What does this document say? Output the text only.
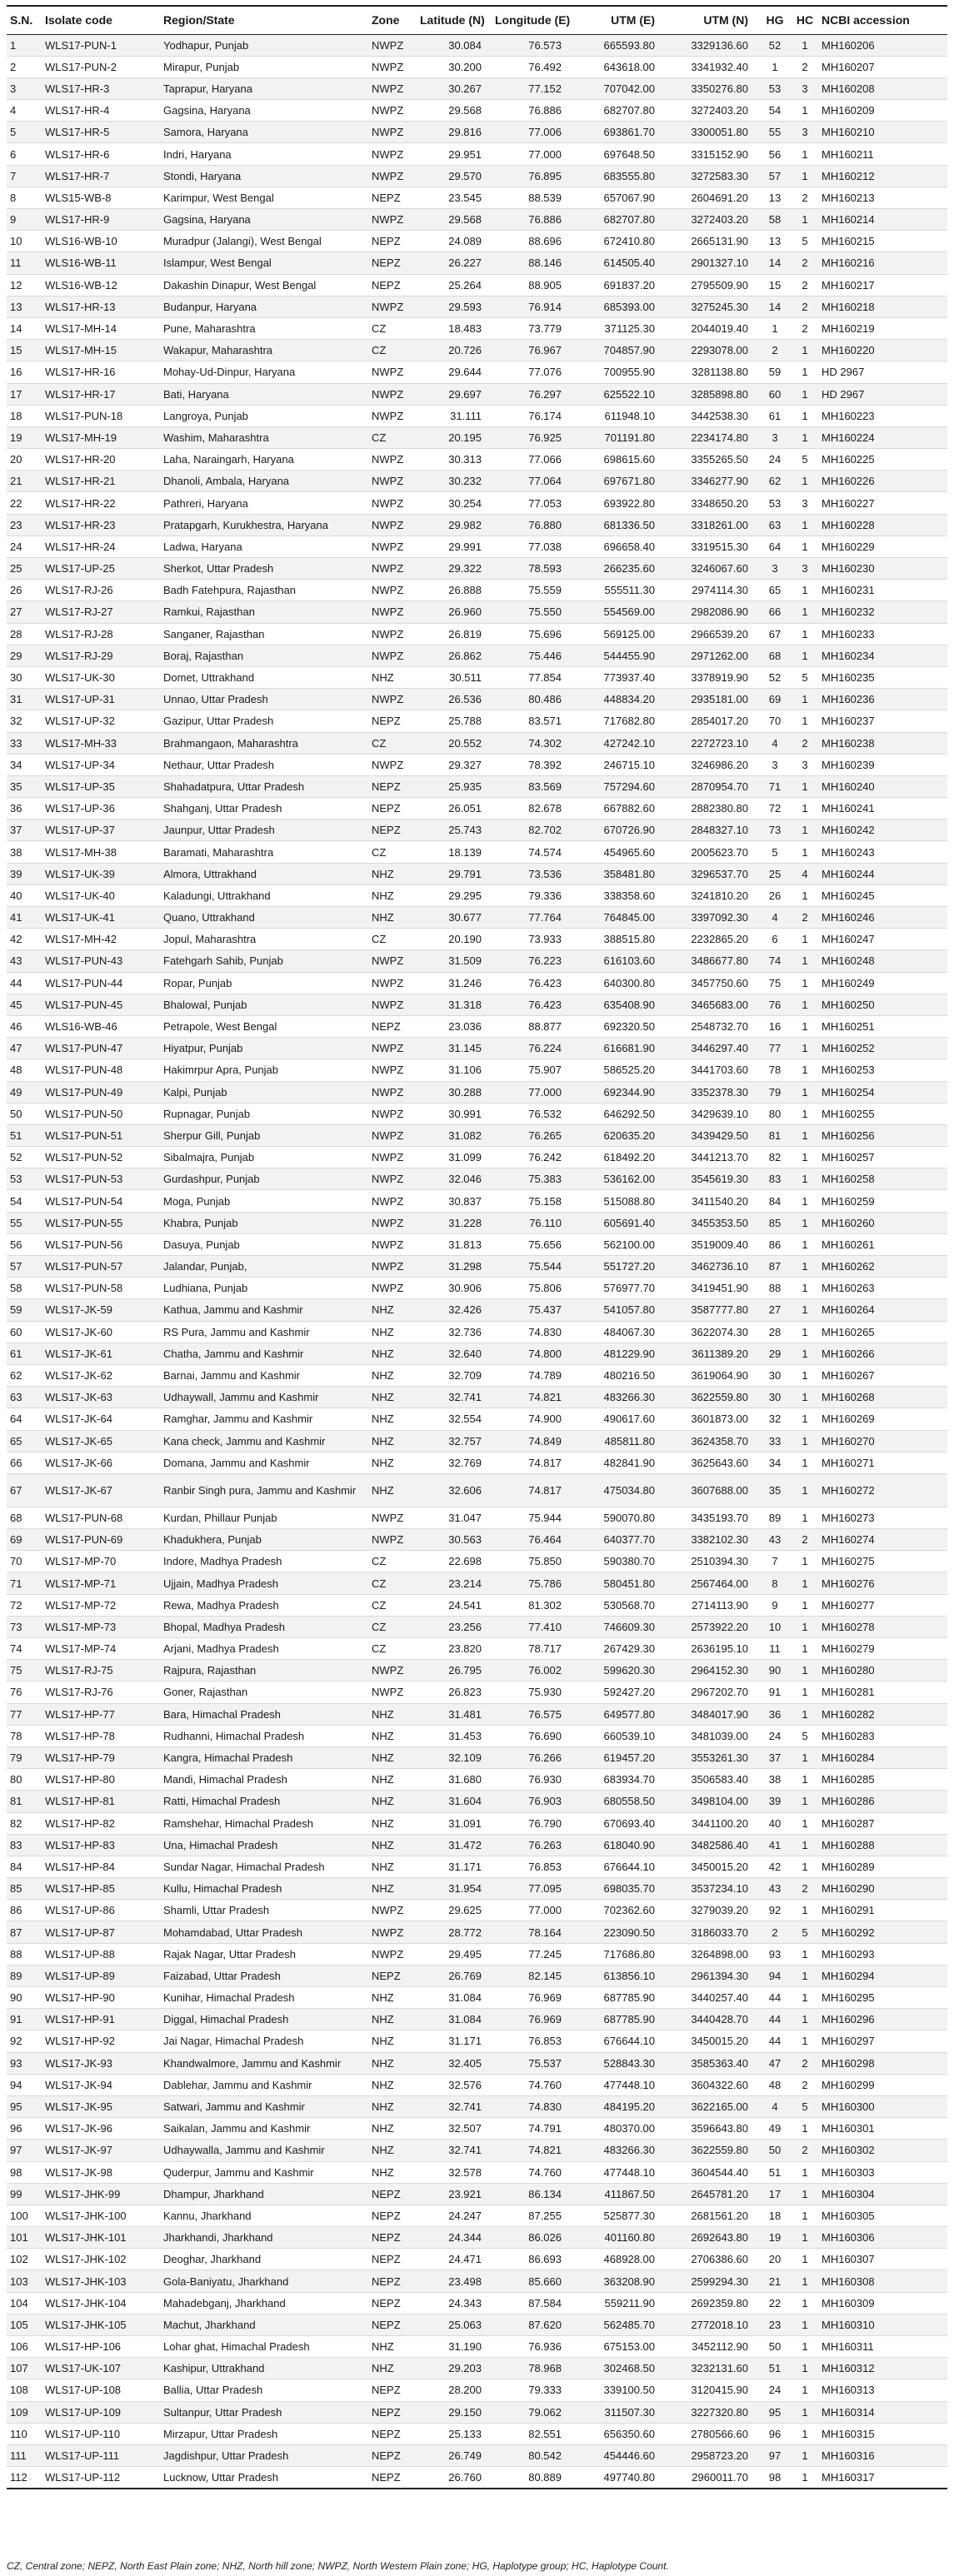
S.N.	Isolate code	Region/State	Zone	Latitude (N)	Longitude (E)	UTM (E)	UTM (N)	HG	HC	NCBI accession
1	WLS17-PUN-1	Yodhapur, Punjab	NWPZ	30.084	76.573	665593.80	3329136.60	52	1	MH160206
2	WLS17-PUN-2	Mirapur, Punjab	NWPZ	30.200	76.492	643618.00	3341932.40	1	2	MH160207
3	WLS17-HR-3	Taprapur, Haryana	NWPZ	30.267	77.152	707042.00	3350276.80	53	3	MH160208
4	WLS17-HR-4	Gagsina, Haryana	NWPZ	29.568	76.886	682707.80	3272403.20	54	1	MH160209
5	WLS17-HR-5	Samora, Haryana	NWPZ	29.816	77.006	693861.70	3300051.80	55	3	MH160210
6	WLS17-HR-6	Indri, Haryana	NWPZ	29.951	77.000	697648.50	3315152.90	56	1	MH160211
7	WLS17-HR-7	Stondi, Haryana	NWPZ	29.570	76.895	683555.80	3272583.30	57	1	MH160212
8	WLS15-WB-8	Karimpur, West Bengal	NEPZ	23.545	88.539	657067.90	2604691.20	13	2	MH160213
9	WLS17-HR-9	Gagsina, Haryana	NWPZ	29.568	76.886	682707.80	3272403.20	58	1	MH160214
10	WLS16-WB-10	Muradpur (Jalangi), West Bengal	NEPZ	24.089	88.696	672410.80	2665131.90	13	5	MH160215
11	WLS16-WB-11	Islampur, West Bengal	NEPZ	26.227	88.146	614505.40	2901327.10	14	2	MH160216
12	WLS16-WB-12	Dakashin Dinapur, West Bengal	NEPZ	25.264	88.905	691837.20	2795509.90	15	2	MH160217
13	WLS17-HR-13	Budanpur, Haryana	NWPZ	29.593	76.914	685393.00	3275245.30	14	2	MH160218
14	WLS17-MH-14	Pune, Maharashtra	CZ	18.483	73.779	371125.30	2044019.40	1	2	MH160219
15	WLS17-MH-15	Wakapur, Maharashtra	CZ	20.726	76.967	704857.90	2293078.00	2	1	MH160220
16	WLS17-HR-16	Mohay-Ud-Dinpur, Haryana	NWPZ	29.644	77.076	700955.90	3281138.80	59	1	HD 2967
17	WLS17-HR-17	Bati, Haryana	NWPZ	29.697	76.297	625522.10	3285898.80	60	1	HD 2967
18	WLS17-PUN-18	Langroya, Punjab	NWPZ	31.111	76.174	611948.10	3442538.30	61	1	MH160223
19	WLS17-MH-19	Washim, Maharashtra	CZ	20.195	76.925	701191.80	2234174.80	3	1	MH160224
20	WLS17-HR-20	Laha, Naraingarh, Haryana	NWPZ	30.313	77.066	698615.60	3355265.50	24	5	MH160225
21	WLS17-HR-21	Dhanoli, Ambala, Haryana	NWPZ	30.232	77.064	697671.80	3346277.90	62	1	MH160226
22	WLS17-HR-22	Pathreri, Haryana	NWPZ	30.254	77.053	693922.80	3348650.20	53	3	MH160227
23	WLS17-HR-23	Pratapgarh, Kurukhestra, Haryana	NWPZ	29.982	76.880	681336.50	3318261.00	63	1	MH160228
24	WLS17-HR-24	Ladwa, Haryana	NWPZ	29.991	77.038	696658.40	3319515.30	64	1	MH160229
25	WLS17-UP-25	Sherkot, Uttar Pradesh	NWPZ	29.322	78.593	266235.60	3246067.60	3	3	MH160230
26	WLS17-RJ-26	Badh Fatehpura, Rajasthan	NWPZ	26.888	75.559	555511.30	2974114.30	65	1	MH160231
27	WLS17-RJ-27	Ramkui, Rajasthan	NWPZ	26.960	75.550	554569.00	2982086.90	66	1	MH160232
28	WLS17-RJ-28	Sanganer, Rajasthan	NWPZ	26.819	75.696	569125.00	2966539.20	67	1	MH160233
29	WLS17-RJ-29	Boraj, Rajasthan	NWPZ	26.862	75.446	544455.90	2971262.00	68	1	MH160234
30	WLS17-UK-30	Domet, Uttrakhand	NHZ	30.511	77.854	773937.40	3378919.90	52	5	MH160235
31	WLS17-UP-31	Unnao, Uttar Pradesh	NWPZ	26.536	80.486	448834.20	2935181.00	69	1	MH160236
32	WLS17-UP-32	Gazipur, Uttar Pradesh	NEPZ	25.788	83.571	717682.80	2854017.20	70	1	MH160237
33	WLS17-MH-33	Brahmangaon, Maharashtra	CZ	20.552	74.302	427242.10	2272723.10	4	2	MH160238
34	WLS17-UP-34	Nethaur, Uttar Pradesh	NWPZ	29.327	78.392	246715.10	3246986.20	3	3	MH160239
35	WLS17-UP-35	Shahadatpura, Uttar Pradesh	NEPZ	25.935	83.569	757294.60	2870954.70	71	1	MH160240
36	WLS17-UP-36	Shahganj, Uttar Pradesh	NEPZ	26.051	82.678	667882.60	2882380.80	72	1	MH160241
37	WLS17-UP-37	Jaunpur, Uttar Pradesh	NEPZ	25.743	82.702	670726.90	2848327.10	73	1	MH160242
38	WLS17-MH-38	Baramati, Maharashtra	CZ	18.139	74.574	454965.60	2005623.70	5	1	MH160243
39	WLS17-UK-39	Almora, Uttrakhand	NHZ	29.791	73.536	358481.80	3296537.70	25	4	MH160244
40	WLS17-UK-40	Kaladungi, Uttrakhand	NHZ	29.295	79.336	338358.60	3241810.20	26	1	MH160245
41	WLS17-UK-41	Quano, Uttrakhand	NHZ	30.677	77.764	764845.00	3397092.30	4	2	MH160246
42	WLS17-MH-42	Jopul, Maharashtra	CZ	20.190	73.933	388515.80	2232865.20	6	1	MH160247
43	WLS17-PUN-43	Fatehgarh Sahib, Punjab	NWPZ	31.509	76.223	616103.60	3486677.80	74	1	MH160248
44	WLS17-PUN-44	Ropar, Punjab	NWPZ	31.246	76.423	640300.80	3457750.60	75	1	MH160249
45	WLS17-PUN-45	Bhalowal, Punjab	NWPZ	31.318	76.423	635408.90	3465683.00	76	1	MH160250
46	WLS16-WB-46	Petrapole, West Bengal	NEPZ	23.036	88.877	692320.50	2548732.70	16	1	MH160251
47	WLS17-PUN-47	Hiyatpur, Punjab	NWPZ	31.145	76.224	616681.90	3446297.40	77	1	MH160252
48	WLS17-PUN-48	Hakimrpur Apra, Punjab	NWPZ	31.106	75.907	586525.20	3441703.60	78	1	MH160253
49	WLS17-PUN-49	Kalpi, Punjab	NWPZ	30.288	77.000	692344.90	3352378.30	79	1	MH160254
50	WLS17-PUN-50	Rupnagar, Punjab	NWPZ	30.991	76.532	646292.50	3429639.10	80	1	MH160255
51	WLS17-PUN-51	Sherpur Gill, Punjab	NWPZ	31.082	76.265	620635.20	3439429.50	81	1	MH160256
52	WLS17-PUN-52	Sibalmajra, Punjab	NWPZ	31.099	76.242	618492.20	3441213.70	82	1	MH160257
53	WLS17-PUN-53	Gurdashpur, Punjab	NWPZ	32.046	75.383	536162.00	3545619.30	83	1	MH160258
54	WLS17-PUN-54	Moga, Punjab	NWPZ	30.837	75.158	515088.80	3411540.20	84	1	MH160259
55	WLS17-PUN-55	Khabra, Punjab	NWPZ	31.228	76.110	605691.40	3455353.50	85	1	MH160260
56	WLS17-PUN-56	Dasuya, Punjab	NWPZ	31.813	75.656	562100.00	3519009.40	86	1	MH160261
57	WLS17-PUN-57	Jalandar, Punjab,	NWPZ	31.298	75.544	551727.20	3462736.10	87	1	MH160262
58	WLS17-PUN-58	Ludhiana, Punjab	NWPZ	30.906	75.806	576977.70	3419451.90	88	1	MH160263
59	WLS17-JK-59	Kathua, Jammu and Kashmir	NHZ	32.426	75.437	541057.80	3587777.80	27	1	MH160264
60	WLS17-JK-60	RS Pura, Jammu and Kashmir	NHZ	32.736	74.830	484067.30	3622074.30	28	1	MH160265
61	WLS17-JK-61	Chatha, Jammu and Kashmir	NHZ	32.640	74.800	481229.90	3611389.20	29	1	MH160266
62	WLS17-JK-62	Barnai, Jammu and Kashmir	NHZ	32.709	74.789	480216.50	3619064.90	30	1	MH160267
63	WLS17-JK-63	Udhaywall, Jammu and Kashmir	NHZ	32.741	74.821	483266.30	3622559.80	30	1	MH160268
64	WLS17-JK-64	Ramghar, Jammu and Kashmir	NHZ	32.554	74.900	490617.60	3601873.00	32	1	MH160269
65	WLS17-JK-65	Kana check, Jammu and Kashmir	NHZ	32.757	74.849	485811.80	3624358.70	33	1	MH160270
66	WLS17-JK-66	Domana, Jammu and Kashmir	NHZ	32.769	74.817	482841.90	3625643.60	34	1	MH160271
67	WLS17-JK-67	Ranbir Singh pura, Jammu and Kashmir	NHZ	32.606	74.817	475034.80	3607688.00	35	1	MH160272
68	WLS17-PUN-68	Kurdan, Phillaur Punjab	NWPZ	31.047	75.944	590070.80	3435193.70	89	1	MH160273
69	WLS17-PUN-69	Khadukhera, Punjab	NWPZ	30.563	76.464	640377.70	3382102.30	43	2	MH160274
70	WLS17-MP-70	Indore, Madhya Pradesh	CZ	22.698	75.850	590380.70	2510394.30	7	1	MH160275
71	WLS17-MP-71	Ujjain, Madhya Pradesh	CZ	23.214	75.786	580451.80	2567464.00	8	1	MH160276
72	WLS17-MP-72	Rewa, Madhya Pradesh	CZ	24.541	81.302	530568.70	2714113.90	9	1	MH160277
73	WLS17-MP-73	Bhopal, Madhya Pradesh	CZ	23.256	77.410	746609.30	2573922.20	10	1	MH160278
74	WLS17-MP-74	Arjani, Madhya Pradesh	CZ	23.820	78.717	267429.30	2636195.10	11	1	MH160279
75	WLS17-RJ-75	Rajpura, Rajasthan	NWPZ	26.795	76.002	599620.30	2964152.30	90	1	MH160280
76	WLS17-RJ-76	Goner, Rajasthan	NWPZ	26.823	75.930	592427.20	2967202.70	91	1	MH160281
77	WLS17-HP-77	Bara, Himachal Pradesh	NHZ	31.481	76.575	649577.80	3484017.90	36	1	MH160282
78	WLS17-HP-78	Rudhanni, Himachal Pradesh	NHZ	31.453	76.690	660539.10	3481039.00	24	5	MH160283
79	WLS17-HP-79	Kangra, Himachal Pradesh	NHZ	32.109	76.266	619457.20	3553261.30	37	1	MH160284
80	WLS17-HP-80	Mandi, Himachal Pradesh	NHZ	31.680	76.930	683934.70	3506583.40	38	1	MH160285
81	WLS17-HP-81	Ratti, Himachal Pradesh	NHZ	31.604	76.903	680558.50	3498104.00	39	1	MH160286
82	WLS17-HP-82	Ramshehar, Himachal Pradesh	NHZ	31.091	76.790	670693.40	3441100.20	40	1	MH160287
83	WLS17-HP-83	Una, Himachal Pradesh	NHZ	31.472	76.263	618040.90	3482586.40	41	1	MH160288
84	WLS17-HP-84	Sundar Nagar, Himachal Pradesh	NHZ	31.171	76.853	676644.10	3450015.20	42	1	MH160289
85	WLS17-HP-85	Kullu, Himachal Pradesh	NHZ	31.954	77.095	698035.70	3537234.10	43	2	MH160290
86	WLS17-UP-86	Shamli, Uttar Pradesh	NWPZ	29.625	77.000	702362.60	3279039.20	92	1	MH160291
87	WLS17-UP-87	Mohamdabad, Uttar Pradesh	NWPZ	28.772	78.164	223090.50	3186033.70	2	5	MH160292
88	WLS17-UP-88	Rajak Nagar, Uttar Pradesh	NWPZ	29.495	77.245	717686.80	3264898.00	93	1	MH160293
89	WLS17-UP-89	Faizabad, Uttar Pradesh	NEPZ	26.769	82.145	613856.10	2961394.30	94	1	MH160294
90	WLS17-HP-90	Kunihar, Himachal Pradesh	NHZ	31.084	76.969	687785.90	3440257.40	44	1	MH160295
91	WLS17-HP-91	Diggal, Himachal Pradesh	NHZ	31.084	76.969	687785.90	3440428.70	44	1	MH160296
92	WLS17-HP-92	Jai Nagar, Himachal Pradesh	NHZ	31.171	76.853	676644.10	3450015.20	44	1	MH160297
93	WLS17-JK-93	Khandwalmore, Jammu and Kashmir	NHZ	32.405	75.537	528843.30	3585363.40	47	2	MH160298
94	WLS17-JK-94	Dablehar, Jammu and Kashmir	NHZ	32.576	74.760	477448.10	3604322.60	48	2	MH160299
95	WLS17-JK-95	Satwari, Jammu and Kashmir	NHZ	32.741	74.830	484195.20	3622165.00	4	5	MH160300
96	WLS17-JK-96	Saikalan, Jammu and Kashmir	NHZ	32.507	74.791	480370.00	3596643.80	49	1	MH160301
97	WLS17-JK-97	Udhaywalla, Jammu and Kashmir	NHZ	32.741	74.821	483266.30	3622559.80	50	2	MH160302
98	WLS17-JK-98	Quderpur, Jammu and Kashmir	NHZ	32.578	74.760	477448.10	3604544.40	51	1	MH160303
99	WLS17-JHK-99	Dhampur, Jharkhand	NEPZ	23.921	86.134	411867.50	2645781.20	17	1	MH160304
100	WLS17-JHK-100	Kannu, Jharkhand	NEPZ	24.247	87.255	525877.30	2681561.20	18	1	MH160305
101	WLS17-JHK-101	Jharkhandi, Jharkhand	NEPZ	24.344	86.026	401160.80	2692643.80	19	1	MH160306
102	WLS17-JHK-102	Deoghar, Jharkhand	NEPZ	24.471	86.693	468928.00	2706386.60	20	1	MH160307
103	WLS17-JHK-103	Gola-Baniyatu, Jharkhand	NEPZ	23.498	85.660	363208.90	2599294.30	21	1	MH160308
104	WLS17-JHK-104	Mahadebganj, Jharkhand	NEPZ	24.343	87.584	559211.90	2692359.80	22	1	MH160309
105	WLS17-JHK-105	Machut, Jharkhand	NEPZ	25.063	87.620	562485.70	2772018.10	23	1	MH160310
106	WLS17-HP-106	Lohar ghat, Himachal Pradesh	NHZ	31.190	76.936	675153.00	3452112.90	50	1	MH160311
107	WLS17-UK-107	Kashipur, Uttrakhand	NHZ	29.203	78.968	302468.50	3232131.60	51	1	MH160312
108	WLS17-UP-108	Ballia, Uttar Pradesh	NEPZ	28.200	79.333	339100.50	3120415.90	24	1	MH160313
109	WLS17-UP-109	Sultanpur, Uttar Pradesh	NEPZ	29.150	79.062	311507.30	3227320.80	95	1	MH160314
110	WLS17-UP-110	Mirzapur, Uttar Pradesh	NEPZ	25.133	82.551	656350.60	2780566.60	96	1	MH160315
111	WLS17-UP-111	Jagdishpur, Uttar Pradesh	NEPZ	26.749	80.542	454446.60	2958723.20	97	1	MH160316
112	WLS17-UP-112	Lucknow, Uttar Pradesh	NEPZ	26.760	80.889	497740.80	2960011.70	98	1	MH160317
CZ, Central zone; NEPZ, North East Plain zone; NHZ, North hill zone; NWPZ, North Western Plain zone; HG, Haplotype group; HC, Haplotype Count.
